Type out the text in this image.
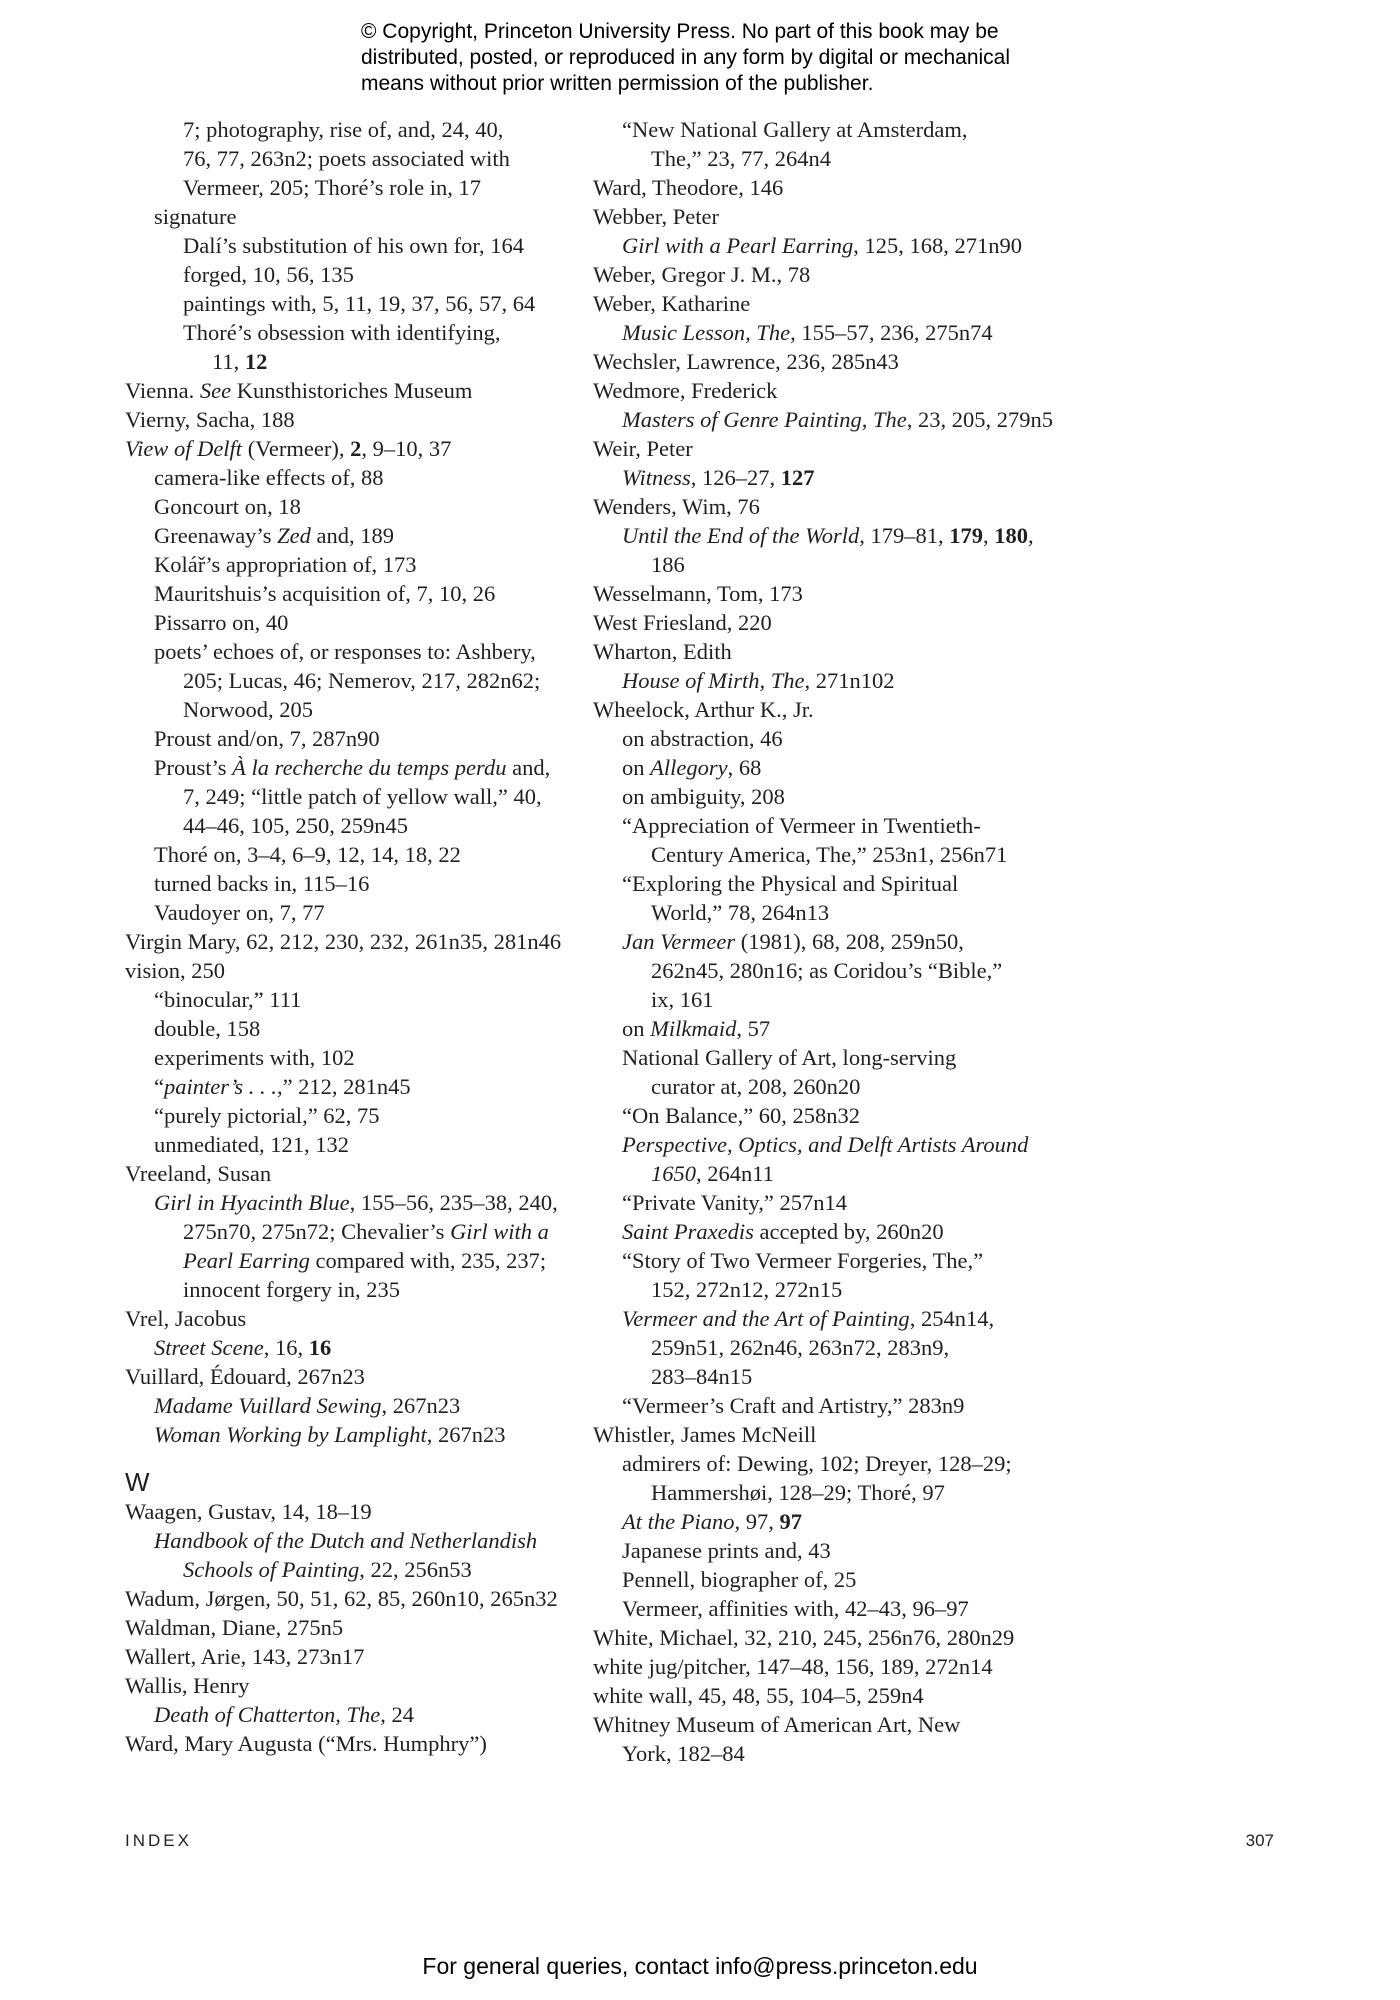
© Copyright, Princeton University Press. No part of this book may be
distributed, posted, or reproduced in any form by digital or mechanical
means without prior written permission of the publisher.
7; photography, rise of, and, 24, 40,
76, 77, 263n2; poets associated with
Vermeer, 205; Thoré’s role in, 17
signature
Dalí’s substitution of his own for, 164
forged, 10, 56, 135
paintings with, 5, 11, 19, 37, 56, 57, 64
Thoré’s obsession with identifying,
11, 12
Vienna. See Kunsthistoriches Museum
Vierny, Sacha, 188
View of Delft (Vermeer), 2, 9–10, 37
camera-like effects of, 88
Goncourt on, 18
Greenaway’s Zed and, 189
Kolář’s appropriation of, 173
Mauritshuis’s acquisition of, 7, 10, 26
Pissarro on, 40
poets’ echoes of, or responses to: Ashbery,
205; Lucas, 46; Nemerov, 217, 282n62;
Norwood, 205
Proust and/on, 7, 287n90
Proust’s À la recherche du temps perdu and,
7, 249; “little patch of yellow wall,” 40,
44–46, 105, 250, 259n45
Thoré on, 3–4, 6–9, 12, 14, 18, 22
turned backs in, 115–16
Vaudoyer on, 7, 77
Virgin Mary, 62, 212, 230, 232, 261n35, 281n46
vision, 250
“binocular,” 111
double, 158
experiments with, 102
“painter’s . . .,” 212, 281n45
“purely pictorial,” 62, 75
unmediated, 121, 132
Vreeland, Susan
Girl in Hyacinth Blue, 155–56, 235–38, 240,
275n70, 275n72; Chevalier’s Girl with a
Pearl Earring compared with, 235, 237;
innocent forgery in, 235
Vrel, Jacobus
Street Scene, 16, 16
Vuillard, Édouard, 267n23
Madame Vuillard Sewing, 267n23
Woman Working by Lamplight, 267n23
W
Waagen, Gustav, 14, 18–19
Handbook of the Dutch and Netherlandish
Schools of Painting, 22, 256n53
Wadum, Jørgen, 50, 51, 62, 85, 260n10, 265n32
Waldman, Diane, 275n5
Wallert, Arie, 143, 273n17
Wallis, Henry
Death of Chatterton, The, 24
Ward, Mary Augusta (“Mrs. Humphry”)
“New National Gallery at Amsterdam,
The,” 23, 77, 264n4
Ward, Theodore, 146
Webber, Peter
Girl with a Pearl Earring, 125, 168, 271n90
Weber, Gregor J. M., 78
Weber, Katharine
Music Lesson, The, 155–57, 236, 275n74
Wechsler, Lawrence, 236, 285n43
Wedmore, Frederick
Masters of Genre Painting, The, 23, 205, 279n5
Weir, Peter
Witness, 126–27, 127
Wenders, Wim, 76
Until the End of the World, 179–81, 179, 180,
186
Wesselmann, Tom, 173
West Friesland, 220
Wharton, Edith
House of Mirth, The, 271n102
Wheelock, Arthur K., Jr.
on abstraction, 46
on Allegory, 68
on ambiguity, 208
“Appreciation of Vermeer in Twentieth-
Century America, The,” 253n1, 256n71
“Exploring the Physical and Spiritual
World,” 78, 264n13
Jan Vermeer (1981), 68, 208, 259n50,
262n45, 280n16; as Coridou’s “Bible,”
ix, 161
on Milkmaid, 57
National Gallery of Art, long-serving
curator at, 208, 260n20
“On Balance,” 60, 258n32
Perspective, Optics, and Delft Artists Around
1650, 264n11
“Private Vanity,” 257n14
Saint Praxedis accepted by, 260n20
“Story of Two Vermeer Forgeries, The,”
152, 272n12, 272n15
Vermeer and the Art of Painting, 254n14,
259n51, 262n46, 263n72, 283n9,
283–84n15
“Vermeer’s Craft and Artistry,” 283n9
Whistler, James McNeill
admirers of: Dewing, 102; Dreyer, 128–29;
Hammershøi, 128–29; Thoré, 97
At the Piano, 97, 97
Japanese prints and, 43
Pennell, biographer of, 25
Vermeer, affinities with, 42–43, 96–97
White, Michael, 32, 210, 245, 256n76, 280n29
white jug/pitcher, 147–48, 156, 189, 272n14
white wall, 45, 48, 55, 104–5, 259n4
Whitney Museum of American Art, New
York, 182–84
INDEX	307
For general queries, contact info@press.princeton.edu
